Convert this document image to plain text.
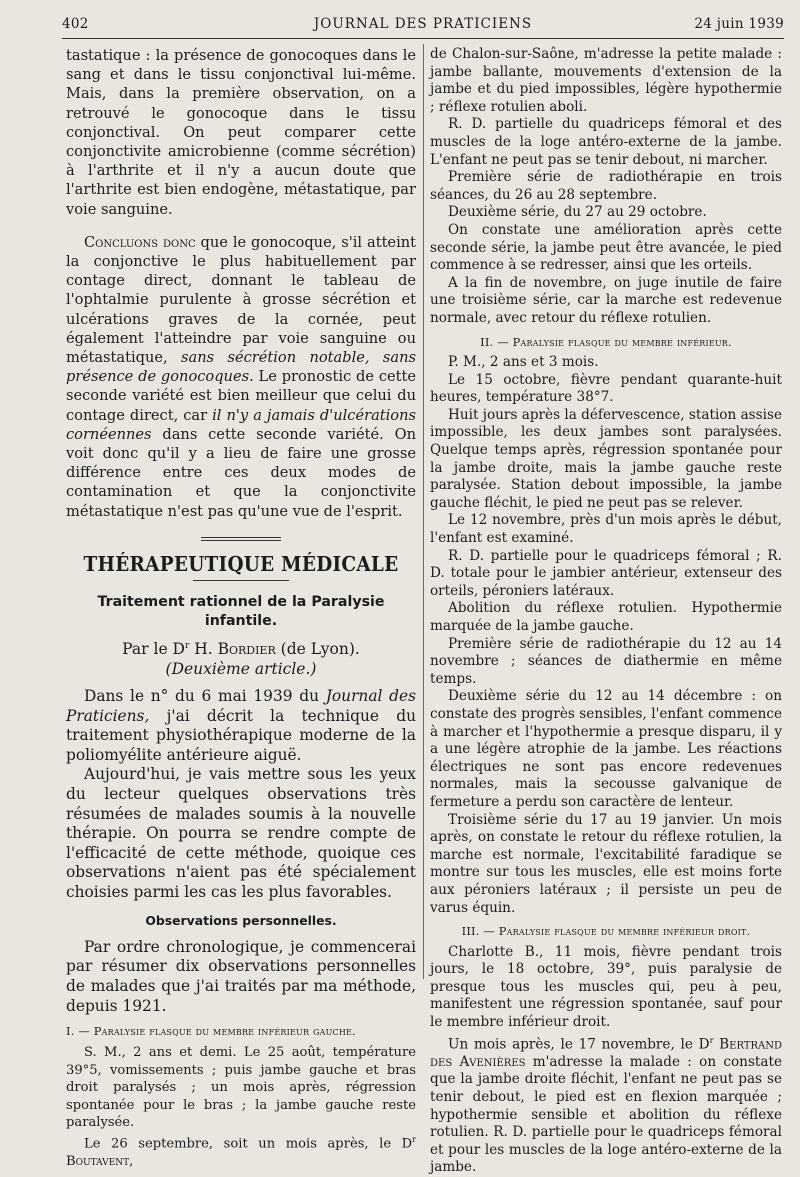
402	JOURNAL DES PRATICIENS	24 juin 1939

tastatique : la présence de gonocoques dans le sang et dans le tissu conjonctival lui-même. Mais, dans la première observation, on a retrouvé le gonocoque dans le tissu conjonctival. On peut comparer cette conjonctivite amicrobienne (comme sécrétion) à l'arthrite et il n'y a aucun doute que l'arthrite est bien endogène, métastatique, par voie sanguine.

Concluons donc que le gonocoque, s'il atteint la conjonctive le plus habituellement par contage direct, donnant le tableau de l'ophtalmie purulente à grosse sécrétion et ulcérations graves de la cornée, peut également l'atteindre par voie sanguine ou métastatique, sans sécrétion notable, sans présence de gonocoques. Le pronostic de cette seconde variété est bien meilleur que celui du contage direct, car il n'y a jamais d'ulcérations cornéennes dans cette seconde variété. On voit donc qu'il y a lieu de faire une grosse différence entre ces deux modes de contamination et que la conjonctivite métastatique n'est pas qu'une vue de l'esprit.

THÉRAPEUTIQUE MÉDICALE

Traitement rationnel de la Paralysie infantile.

Par le $D^r$ H. Bordier (de Lyon).

(Deuxième article.)

Dans le n° du 6 mai 1939 du Journal des Praticiens, j'ai décrit la technique du traitement physiothérapique moderne de la poliomyélite antérieure aiguë.

Aujourd'hui, je vais mettre sous les yeux du lecteur quelques observations très résumées de malades soumis à la nouvelle thérapie. On pourra se rendre compte de l'efficacité de cette méthode, quoique ces observations n'aient pas été spécialement choisies parmi les cas les plus favorables.

Observations personnelles.

Par ordre chronologique, je commencerai par résumer dix observations personnelles de malades que j'ai traités par ma méthode, depuis 1921.

I. — Paralysie flasque du membre inférieur gauche.

S. M., 2 ans et demi. Le 25 août, température 39°5, vomissements ; puis jambe gauche et bras droit paralysés ; un mois après, régression spontanée pour le bras ; la jambe gauche reste paralysée.

Le 26 septembre, soit un mois après, le $D^r$ Boutavent,

de Chalon-sur-Saône, m'adresse la petite malade : jambe ballante, mouvements d'extension de la jambe et du pied impossibles, légère hypothermie ; réflexe rotulien aboli.

R. D. partielle du quadriceps fémoral et des muscles de la loge antéro-externe de la jambe. L'enfant ne peut pas se tenir debout, ni marcher.

Première série de radiothérapie en trois séances, du 26 au 28 septembre.

Deuxième série, du 27 au 29 octobre.

On constate une amélioration après cette seconde série, la jambe peut être avancée, le pied commence à se redresser, ainsi que les orteils.

A la fin de novembre, on juge inutile de faire une troisième série, car la marche est redevenue normale, avec retour du réflexe rotulien.

II. — Paralysie flasque du membre inférieur.

P. M., 2 ans et 3 mois.

Le 15 octobre, fièvre pendant quarante-huit heures, température 38°7.

Huit jours après la défervescence, station assise impossible, les deux jambes sont paralysées. Quelque temps après, régression spontanée pour la jambe droite, mais la jambe gauche reste paralysée. Station debout impossible, la jambe gauche fléchit, le pied ne peut pas se relever.

Le 12 novembre, près d'un mois après le début, l'enfant est examiné.

R. D. partielle pour le quadriceps fémoral ; R. D. totale pour le jambier antérieur, extenseur des orteils, péroniers latéraux.

Abolition du réflexe rotulien. Hypothermie marquée de la jambe gauche.

Première série de radiothérapie du 12 au 14 novembre ; séances de diathermie en même temps.

Deuxième série du 12 au 14 décembre : on constate des progrès sensibles, l'enfant commence à marcher et l'hypothermie a presque disparu, il y a une légère atrophie de la jambe. Les réactions électriques ne sont pas encore redevenues normales, mais la secousse galvanique de fermeture a perdu son caractère de lenteur.

Troisième série du 17 au 19 janvier. Un mois après, on constate le retour du réflexe rotulien, la marche est normale, l'excitabilité faradique se montre sur tous les muscles, elle est moins forte aux péroniers latéraux ; il persiste un peu de varus équin.

III. — Paralysie flasque du membre inférieur droit.

Charlotte B., 11 mois, fièvre pendant trois jours, le 18 octobre, 39°, puis paralysie de presque tous les muscles qui, peu à peu, manifestent une régression spontanée, sauf pour le membre inférieur droit.

Un mois après, le 17 novembre, le $D^r$ Bertrand des Avenières m'adresse la malade : on constate que la jambe droite fléchit, l'enfant ne peut pas se tenir debout, le pied est en flexion marquée ; hypothermie sensible et abolition du réflexe rotulien. R. D. partielle pour le quadriceps fémoral et pour les muscles de la loge antéro-externe de la jambe.
